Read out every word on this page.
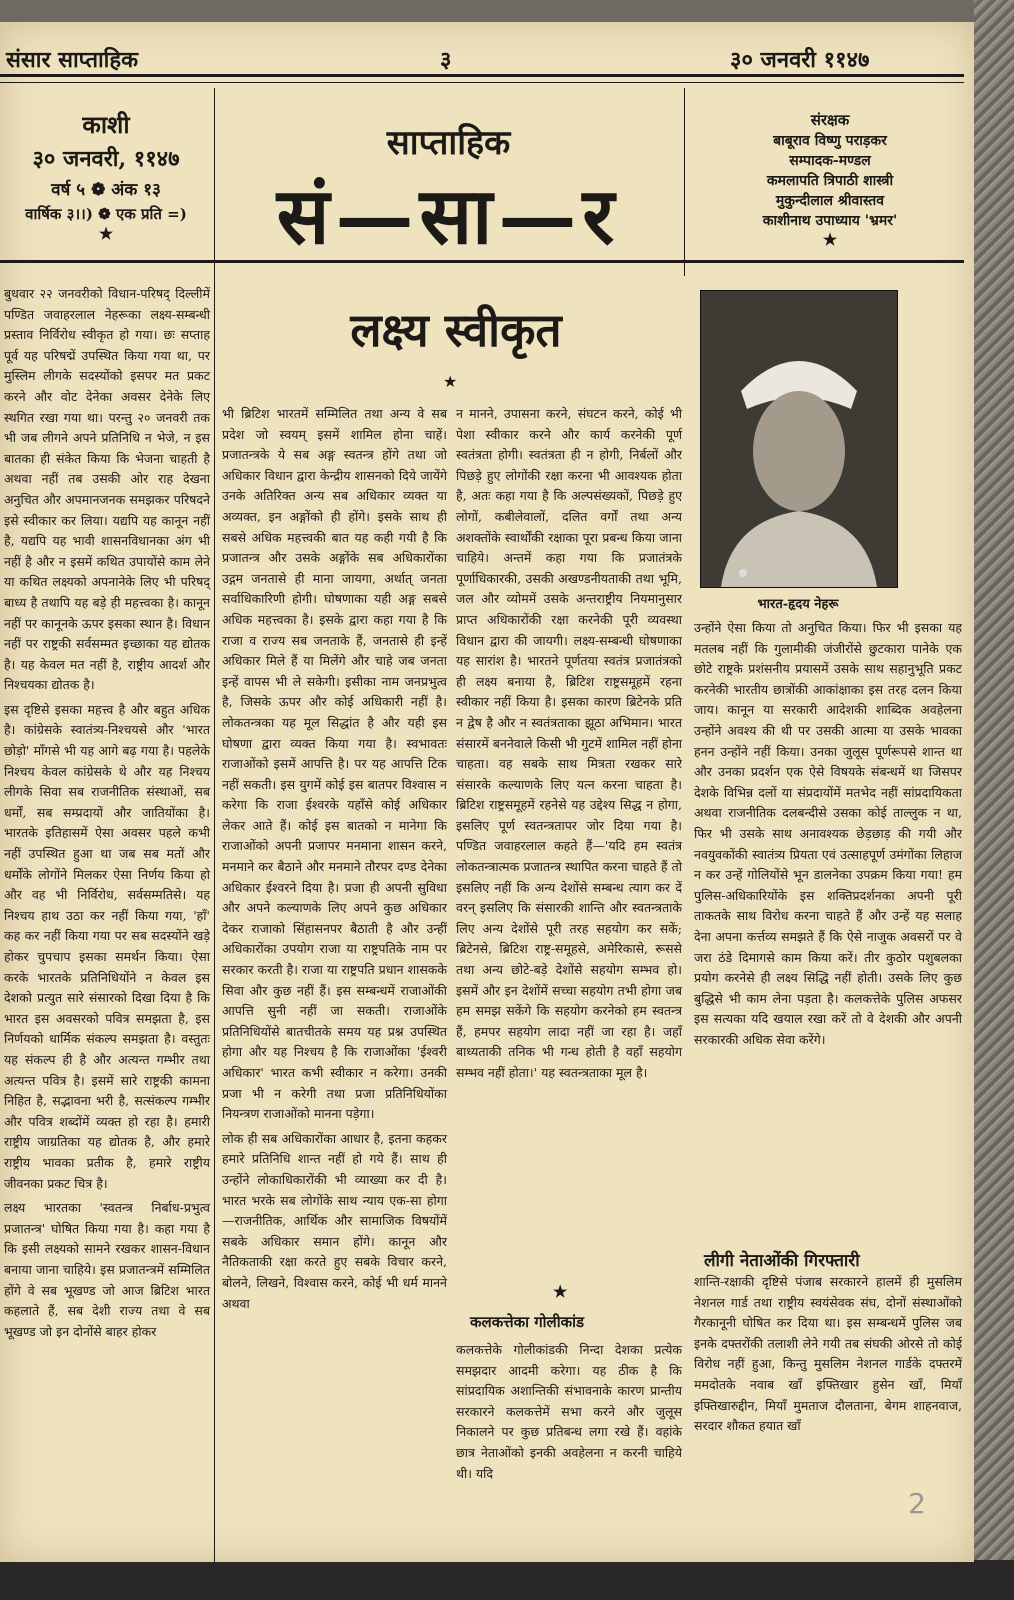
संसार साप्ताहिक	३	३० जनवरी ११४७
काशी
३० जनवरी, ११४७
वर्ष ५ ❁ अंक १३
वार्षिक ३।।) ❁ एक प्रति =)
★
साप्ताहिक
सं—सा—र
संरक्षक
बाबूराव विष्णु पराड़कर
सम्पादक-मण्डल
कमलापति त्रिपाठी शास्त्री
मुकुन्दीलाल श्रीवास्तव
काशीनाथ उपाध्याय 'भ्रमर'
★
लक्ष्य स्वीकृत
★

बुधवार २२ जनवरीको विधान-परिषद् दिल्लीमें पण्डित जवाहरलाल नेहरूका लक्ष्य-सम्बन्धी प्रस्ताव निर्विरोध स्वीकृत हो गया। छः सप्ताह पूर्व यह परिषद्में उपस्थित किया गया था, पर मुस्लिम लीगके सदस्योंको इसपर मत प्रकट करने और वोट देनेका अवसर देनेके लिए स्थगित रखा गया था। परन्तु २० जनवरी तक भी जब लीगने अपने प्रतिनिधि न भेजे, न इस बातका ही संकेत किया कि भेजना चाहती है अथवा नहीं तब उसकी ओर राह देखना अनुचित और अपमानजनक समझकर परिषदने इसे स्वीकार कर लिया। यद्यपि यह कानून नहीं है, यद्यपि यह भावी शासनविधानका अंग भी नहीं है और न इसमें कथित उपायोंसे काम लेने या कथित लक्ष्यको अपनानेके लिए भी परिषद् बाध्य है तथापि यह बड़े ही महत्त्वका है। कानून नहीं पर कानूनके ऊपर इसका स्थान है। विधान नहीं पर राष्ट्रकी सर्वसम्मत इच्छाका यह द्योतक है। यह केवल मत नहीं है, राष्ट्रीय आदर्श और निश्चयका द्योतक है।

इस दृष्टिसे इसका महत्त्व है और बहुत अधिक है। कांग्रेसके स्वातंत्र्य-निश्चयसे और 'भारत छोड़ो' माँगसे भी यह आगे बढ़ गया है। पहलेके निश्चय केवल कांग्रेसके थे और यह निश्चय लीगके सिवा सब राजनीतिक संस्थाओं, सब धर्मों, सब सम्प्रदायों और जातियोंका है। भारतके इतिहासमें ऐसा अवसर पहले कभी नहीं उपस्थित हुआ था जब सब मतों और धर्मोंके लोगोंने मिलकर ऐसा निर्णय किया हो और वह भी निर्विरोध, सर्वसम्मतिसे। यह निश्चय हाथ उठा कर नहीं किया गया, 'हाँ' कह कर नहीं किया गया पर सब सदस्योंने खड़े होकर चुपचाप इसका समर्थन किया। ऐसा करके भारतके प्रतिनिधियोंने न केवल इस देशको प्रत्युत सारे संसारको दिखा दिया है कि भारत इस अवसरको पवित्र समझता है, इस निर्णयको धार्मिक संकल्प समझता है। वस्तुतः यह संकल्प ही है और अत्यन्त गम्भीर तथा अत्यन्त पवित्र है। इसमें सारे राष्ट्रकी कामना निहित है, सद्भावना भरी है, सत्संकल्प गम्भीर और पवित्र शब्दोंमें व्यक्त हो रहा है। हमारी राष्ट्रीय जाग्रतिका यह द्योतक है, और हमारे राष्ट्रीय भावका प्रतीक है, हमारे राष्ट्रीय जीवनका प्रकट चित्र है।

लक्ष्य भारतका 'स्वतन्त्र निर्बाध-प्रभुत्व प्रजातन्त्र' घोषित किया गया है। कहा गया है कि इसी लक्ष्यको सामने रखकर शासन-विधान बनाया जाना चाहिये। इस प्रजातन्त्रमें सम्मिलित होंगे वे सब भूखण्ड जो आज ब्रिटिश भारत कहलाते हैं, सब देशी राज्य तथा वे सब भूखण्ड जो इन दोनोंसे बाहर होकर

भी ब्रिटिश भारतमें सम्मिलित तथा अन्य वे सब प्रदेश जो स्वयम् इसमें शामिल होना चाहें। प्रजातन्त्रके ये सब अङ्ग स्वतन्त्र होंगे तथा जो अधिकार विधान द्वारा केन्द्रीय शासनको दिये जायेंगे उनके अतिरिक्त अन्य सब अधिकार व्यक्त या अव्यक्त, इन अङ्गोंको ही होंगे। इसके साथ ही सबसे अधिक महत्त्वकी बात यह कही गयी है कि प्रजातन्त्र और उसके अङ्गोंके सब अधिकारोंका उद्गम जनतासे ही माना जायगा, अर्थात् जनता सर्वाधिकारिणी होगी। घोषणाका यही अङ्ग सबसे अधिक महत्त्वका है। इसके द्वारा कहा गया है कि राजा व राज्य सब जनताके हैं, जनतासे ही इन्हें अधिकार मिले हैं या मिलेंगे और चाहे जब जनता इन्हें वापस भी ले सकेगी। इसीका नाम जनप्रभुत्व है, जिसके ऊपर और कोई अधिकारी नहीं है। लोकतन्त्रका यह मूल सिद्धांत है और यही इस घोषणा द्वारा व्यक्त किया गया है। स्वभावतः राजाओंको इसमें आपत्ति है। पर यह आपत्ति टिक नहीं सकती। इस युगमें कोई इस बातपर विश्वास न करेगा कि राजा ईश्वरके यहाँसे कोई अधिकार लेकर आते हैं। कोई इस बातको न मानेगा कि राजाओंको अपनी प्रजापर मनमाना शासन करने, मनमाने कर बैठाने और मनमाने तौरपर दण्ड देनेका अधिकार ईश्वरने दिया है। प्रजा ही अपनी सुविधा और अपने कल्याणके लिए अपने कुछ अधिकार देकर राजाको सिंहासनपर बैठाती है और उन्हीं अधिकारोंका उपयोग राजा या राष्ट्रपतिके नाम पर सरकार करती है। राजा या राष्ट्रपति प्रधान शासकके सिवा और कुछ नहीं हैं। इस सम्बन्धमें राजाओंकी आपत्ति सुनी नहीं जा सकती। राजाओंके प्रतिनिधियोंसे बातचीतके समय यह प्रश्न उपस्थित होगा और यह निश्चय है कि राजाओंका 'ईश्वरी अधिकार' भारत कभी स्वीकार न करेगा। उनकी प्रजा भी न करेगी तथा प्रजा प्रतिनिधियोंका नियन्त्रण राजाओंको मानना पड़ेगा।

लोक ही सब अधिकारोंका आधार है, इतना कहकर हमारे प्रतिनिधि शान्त नहीं हो गये हैं। साथ ही उन्होंने लोकाधिकारोंकी भी व्याख्या कर दी है। भारत भरके सब लोगोंके साथ न्याय एक-सा होगा—राजनीतिक, आर्थिक और सामाजिक विषयोंमें सबके अधिकार समान होंगे। कानून और नैतिकताकी रक्षा करते हुए सबके विचार करने, बोलने, लिखने, विश्वास करने, कोई भी धर्म मानने अथवा

न मानने, उपासना करने, संघटन करने, कोई भी पेशा स्वीकार करने और कार्य करनेकी पूर्ण स्वतंत्रता होगी। स्वतंत्रता ही न होगी, निर्बलों और पिछड़े हुए लोगोंकी रक्षा करना भी आवश्यक होता है, अतः कहा गया है कि अल्पसंख्यकों, पिछड़े हुए लोगों, कबीलेवालों, दलित वर्गों तथा अन्य अशक्तोंके स्वार्थोंकी रक्षाका पूरा प्रबन्ध किया जाना चाहिये। अन्तमें कहा गया कि प्रजातंत्रके पूर्णाधिकारकी, उसकी अखण्डनीयताकी तथा भूमि, जल और व्योममें उसके अन्तराष्ट्रीय नियमानुसार प्राप्त अधिकारोंकी रक्षा करनेकी पूरी व्यवस्था विधान द्वारा की जायगी। लक्ष्य-सम्बन्धी घोषणाका यह सारांश है। भारतने पूर्णतया स्वतंत्र प्रजातंत्रको ही लक्ष्य बनाया है, ब्रिटिश राष्ट्रसमूहमें रहना स्वीकार नहीं किया है। इसका कारण ब्रिटेनके प्रति न द्वेष है और न स्वतंत्रताका झूठा अभिमान। भारत संसारमें बननेवाले किसी भी गुटमें शामिल नहीं होना चाहता। वह सबके साथ मित्रता रखकर सारे संसारके कल्याणके लिए यत्न करना चाहता है। ब्रिटिश राष्ट्रसमूहमें रहनेसे यह उद्देश्य सिद्ध न होगा, इसलिए पूर्ण स्वतन्त्रतापर जोर दिया गया है। पण्डित जवाहरलाल कहते हैं—'यदि हम स्वतंत्र लोकतन्त्रात्मक प्रजातन्त्र स्थापित करना चाहते हैं तो इसलिए नहीं कि अन्य देशोंसे सम्बन्ध त्याग कर दें वरन्‌ इसलिए कि संसारकी शान्ति और स्वतन्त्रताके लिए अन्य देशोंसे पूरी तरह सहयोग कर सकें; ब्रिटेनसे, ब्रिटिश राष्ट्र-समूहसे, अमेरिकासे, रूससे तथा अन्य छोटे-बड़े देशोंसे सहयोग सम्भव हो। इसमें और इन देशोंमें सच्चा सहयोग तभी होगा जब हम समझ सकेंगे कि सहयोग करनेको हम स्वतन्त्र हैं, हमपर सहयोग लादा नहीं जा रहा है। जहाँ बाध्यताकी तनिक भी गन्ध होती है वहाँ सहयोग सम्भव नहीं होता।' यह स्वतन्त्रताका मूल है।

★
कलकत्तेका गोलीकांड

कलकत्तेके गोलीकांडकी निन्दा देशका प्रत्येक समझदार आदमी करेगा। यह ठीक है कि सांप्रदायिक अशान्तिकी संभावनाके कारण प्रान्तीय सरकारने कलकत्तेमें सभा करने और जुलूस निकालने पर कुछ प्रतिबन्ध लगा रखे हैं। वहांके छात्र नेताओंको इनकी अवहेलना न करनी चाहिये थी। यदि

भारत-हृदय नेहरू

उन्होंने ऐसा किया तो अनुचित किया। फिर भी इसका यह मतलब नहीं कि गुलामीकी जंजीरोंसे छुटकारा पानेके एक छोटे राष्ट्रके प्रशंसनीय प्रयासमें उसके साथ सहानुभूति प्रकट करनेकी भारतीय छात्रोंकी आकांक्षाका इस तरह दलन किया जाय। कानून या सरकारी आदेशकी शाब्दिक अवहेलना उन्होंने अवश्य की थी पर उसकी आत्मा या उसके भावका हनन उन्होंने नहीं किया। उनका जुलूस पूर्णरूपसे शान्त था और उनका प्रदर्शन एक ऐसे विषयके संबन्धमें था जिसपर देशके विभिन्न दलों या संप्रदायोंमें मतभेद नहीं सांप्रदायिकता अथवा राजनीतिक दलबन्दीसे उसका कोई ताल्लुक न था, फिर भी उसके साथ अनावश्यक छेड़छाड़ की गयी और नवयुवकोंकी स्वातंत्र्य प्रियता एवं उत्साहपूर्ण उमंगोंका लिहाज न कर उन्हें गोलियोंसे भून डालनेका उपक्रम किया गया! हम पुलिस-अधिकारियोंके इस शक्तिप्रदर्शनका अपनी पूरी ताकतके साथ विरोध करना चाहते हैं और उन्हें यह सलाह देना अपना कर्त्तव्य समझते हैं कि ऐसे नाजुक अवसरों पर वे जरा ठंडे दिमागसे काम किया करें। तीर कुठोर पशुबलका प्रयोग करनेसे ही लक्ष्य सिद्धि नहीं होती। उसके लिए कुछ बुद्धिसे भी काम लेना पड़ता है। कलकत्तेके पुलिस अफसर इस सत्यका यदि खयाल रखा करें तो वे देशकी और अपनी सरकारकी अधिक सेवा करेंगे।

लीगी नेताओंकी गिरफ्तारी

शान्ति-रक्षाकी दृष्टिसे पंजाब सरकारने हालमें ही मुसलिम नेशनल गार्ड तथा राष्ट्रीय स्वयंसेवक संघ, दोनों संस्थाओंको गैरकानूनी घोषित कर दिया था। इस सम्बन्धमें पुलिस जब इनके दफ्तरोंकी तलाशी लेने गयी तब संघकी ओरसे तो कोई विरोध नहीं हुआ, किन्तु मुसलिम नेशनल गार्डके दफ्तरमें ममदोतके नवाब खाँ इफ्तिखार हुसेन खाँ, मियाँ इफ्तिखारुद्दीन, मियाँ मुमताज दौलताना, बेगम शाहनवाज, सरदार शौकत हयात खाँ

2
